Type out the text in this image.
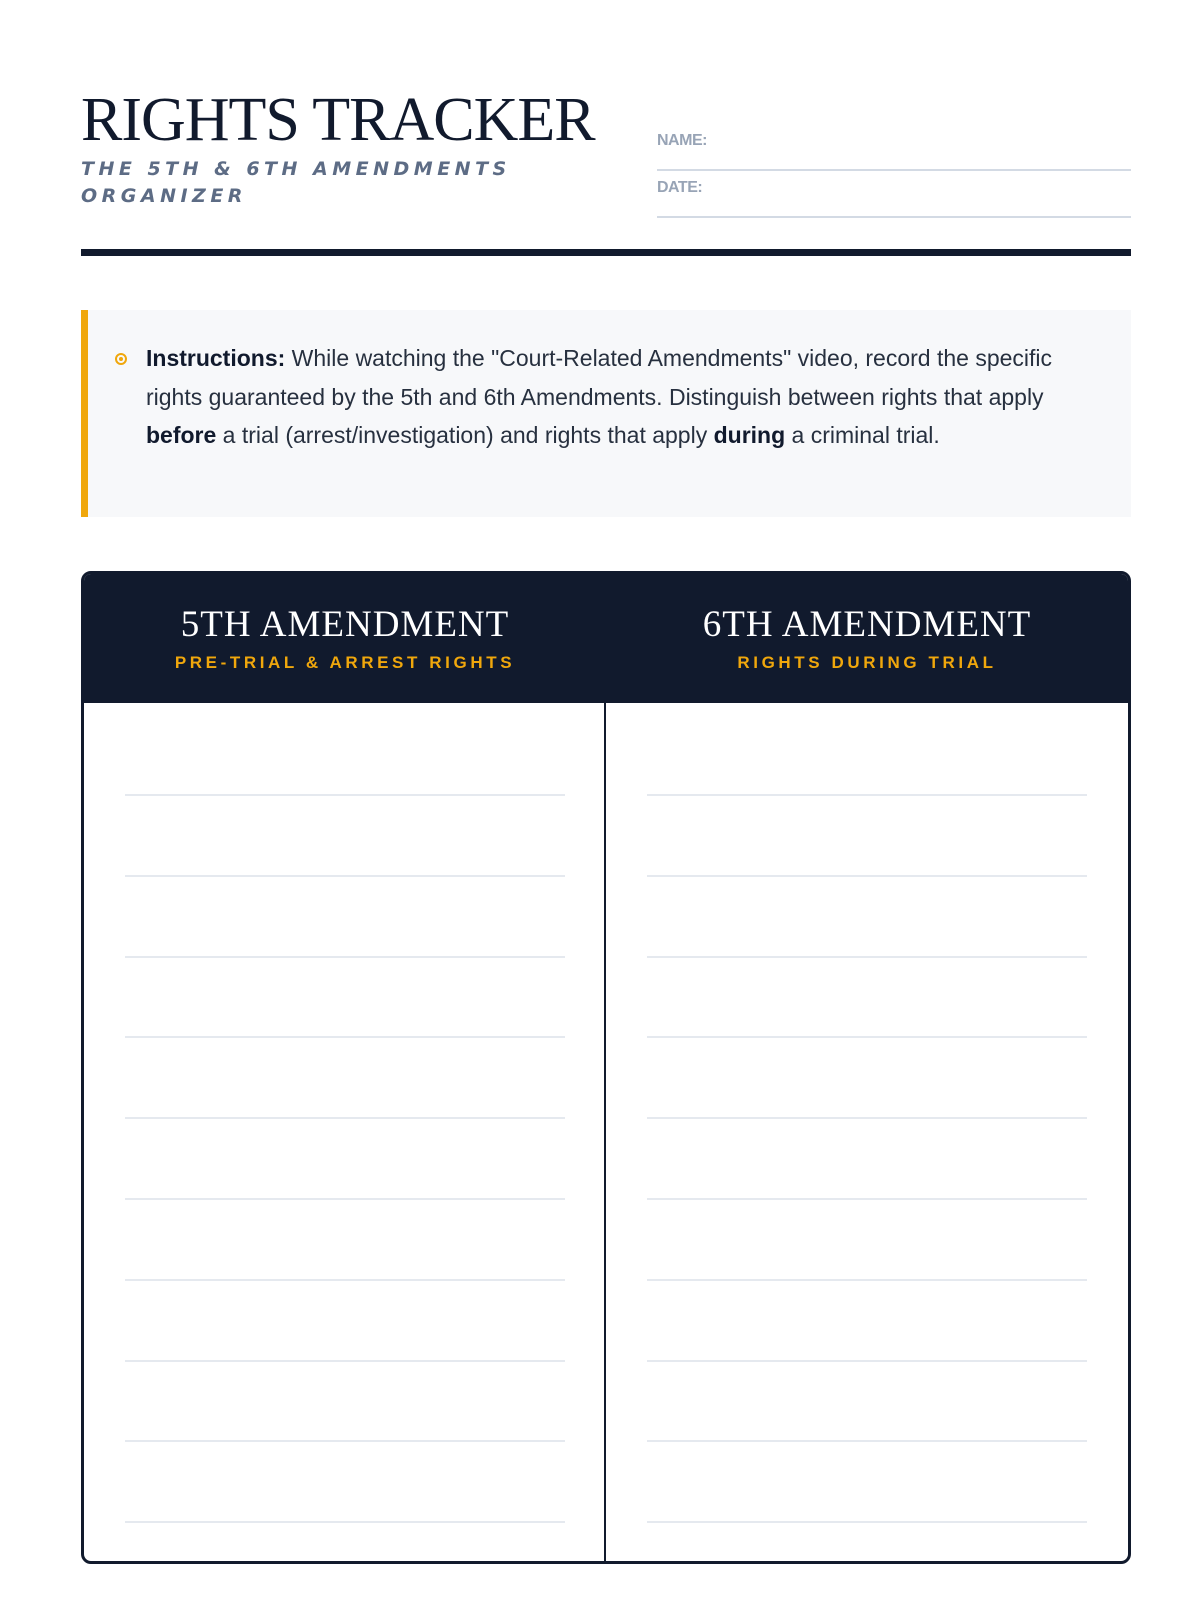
RIGHTS TRACKER
THE 5TH & 6TH AMENDMENTS ORGANIZER
NAME:
DATE:

Instructions: While watching the "Court-Related Amendments" video, record the specific rights guaranteed by the 5th and 6th Amendments. Distinguish between rights that apply before a trial (arrest/investigation) and rights that apply during a criminal trial.

5TH AMENDMENT
PRE-TRIAL & ARREST RIGHTS
6TH AMENDMENT
RIGHTS DURING TRIAL
